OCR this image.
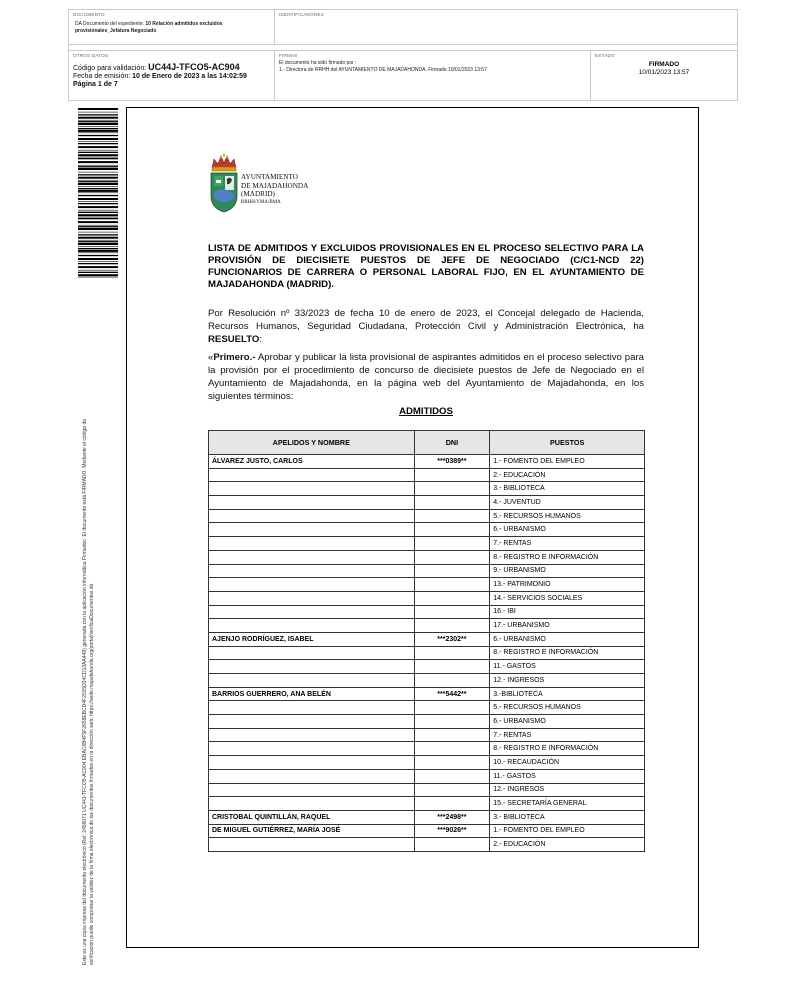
DOCUMENTO
DA Documento del expediente: 10 Relación admitidos excluidos provisionales_Jefatura Negociado
IDENTIFICADORES
OTROS DATOS
Código para validación: UC44J-TFCO5-AC904
Fecha de emisión: 10 de Enero de 2023 a las 14:02:59
Página 1 de 7
FIRMAS
El documento ha sido firmado por :
1.- Directora de RRHH del AYUNTAMIENTO DE MAJADAHONDA. Firmado 10/01/2023 13:57
ESTADO
FIRMADO
10/01/2023 13:57
Este es una copia impresa del documento electrónico (Ref: 2459071 UC44J-TFCO5-AC904 EBAC6B4F5F2658EBCD4F2015D34CD13AA448) generada con la aplicación informática Firmadoc. El documento está FIRMADO. Mediante el código de verificación puede comprobar la validez de la firma electrónica de los documentos firmados en la dirección web: https://sede.majadahonda.org/portal/verificaDocumentos.do
AYUNTAMIENTO
DE MAJADAHONDA
(MADRID)
RRHH/YMA/BMA
LISTA DE ADMITIDOS Y EXCLUIDOS PROVISIONALES EN EL PROCESO SELECTIVO PARA LA PROVISIÓN DE DIECISIETE PUESTOS DE JEFE DE NEGOCIADO (C/C1-NCD 22) FUNCIONARIOS DE CARRERA O PERSONAL LABORAL FIJO, EN EL AYUNTAMIENTO DE MAJADAHONDA (MADRID).
Por Resolución nº 33/2023 de fecha 10 de enero de 2023, el Concejal delegado de Hacienda, Recursos Humanos, Seguridad Ciudadana, Protección Civil y Administración Electrónica, ha RESUELTO:
«Primero.- Aprobar y publicar la lista provisional de aspirantes admitidos en el proceso selectivo para la provisión por el procedimiento de concurso de diecisiete puestos de Jefe de Negociado en el Ayuntamiento de Majadahonda, en la página web del Ayuntamiento de Majadahonda, en los siguientes términos:
ADMITIDOS
APELIDOS Y NOMBRE	DNI	PUESTOS
ÁLVAREZ JUSTO, CARLOS	***0389**	1.- FOMENTO DEL EMPLEO
		2.- EDUCACIÓN
		3.- BIBLIOTECA
		4.- JUVENTUD
		5.- RECURSOS HUMANOS
		6.- URBANISMO
		7.- RENTAS
		8.- REGISTRO E INFORMACIÓN
		9.- URBANISMO
		13.- PATRIMONIO
		14.- SERVICIOS SOCIALES
		16.- IBI
		17.- URBANISMO
AJENJO RODRÍGUEZ, ISABEL	***2302**	6.- URBANISMO
		8.- REGISTRO E INFORMACIÓN
		11.- GASTOS
		12.- INGRESOS
BARRIOS GUERRERO, ANA BELÉN	***5442**	3.-BIBLIOTECA
		5.- RECURSOS HUMANOS
		6.- URBANISMO
		7.- RENTAS
		8.- REGISTRO E INFORMACIÓN
		10.- RECAUDACIÓN
		11.- GASTOS
		12.- INGRESOS
		15.- SECRETARÍA GENERAL
CRISTOBAL QUINTILLÁN, RAQUEL	***2498**	3.- BIBLIOTECA
DE MIGUEL GUTIÉRREZ, MARÍA JOSÉ	***9026**	1.- FOMENTO DEL EMPLEO
		2.- EDUCACIÓN
